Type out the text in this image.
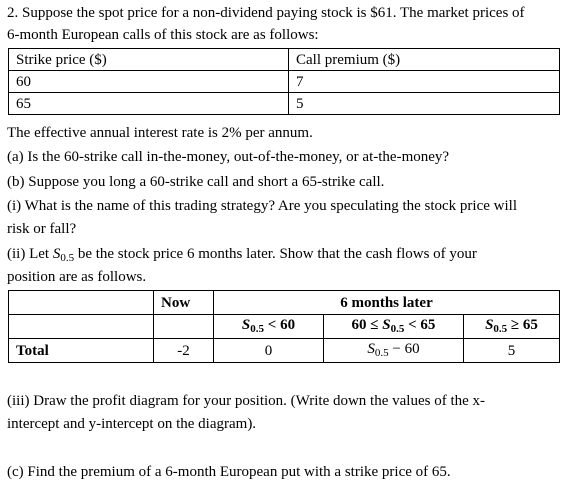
2. Suppose the spot price for a non-dividend paying stock is $61. The market prices of
6-month European calls of this stock are as follows:
Strike price ($)	Call premium ($)
60	7
65	5
The effective annual interest rate is 2% per annum.
(a) Is the 60-strike call in-the-money, out-of-the-money, or at-the-money?
(b) Suppose you long a 60-strike call and short a 65-strike call.
(i) What is the name of this trading strategy? Are you speculating the stock price will
risk or fall?
(ii) Let $S_{0.5}$ be the stock price 6 months later. Show that the cash flows of your
position are as follows.
	Now	6 months later		
		$S_{0.5} < 60$	$60 \le S_{0.5} < 65$	$S_{0.5} \ge 65$
Total	-2	0	$S_{0.5} - 60$	5
(iii) Draw the profit diagram for your position. (Write down the values of the x-
intercept and y-intercept on the diagram).
(c) Find the premium of a 6-month European put with a strike price of 65.
